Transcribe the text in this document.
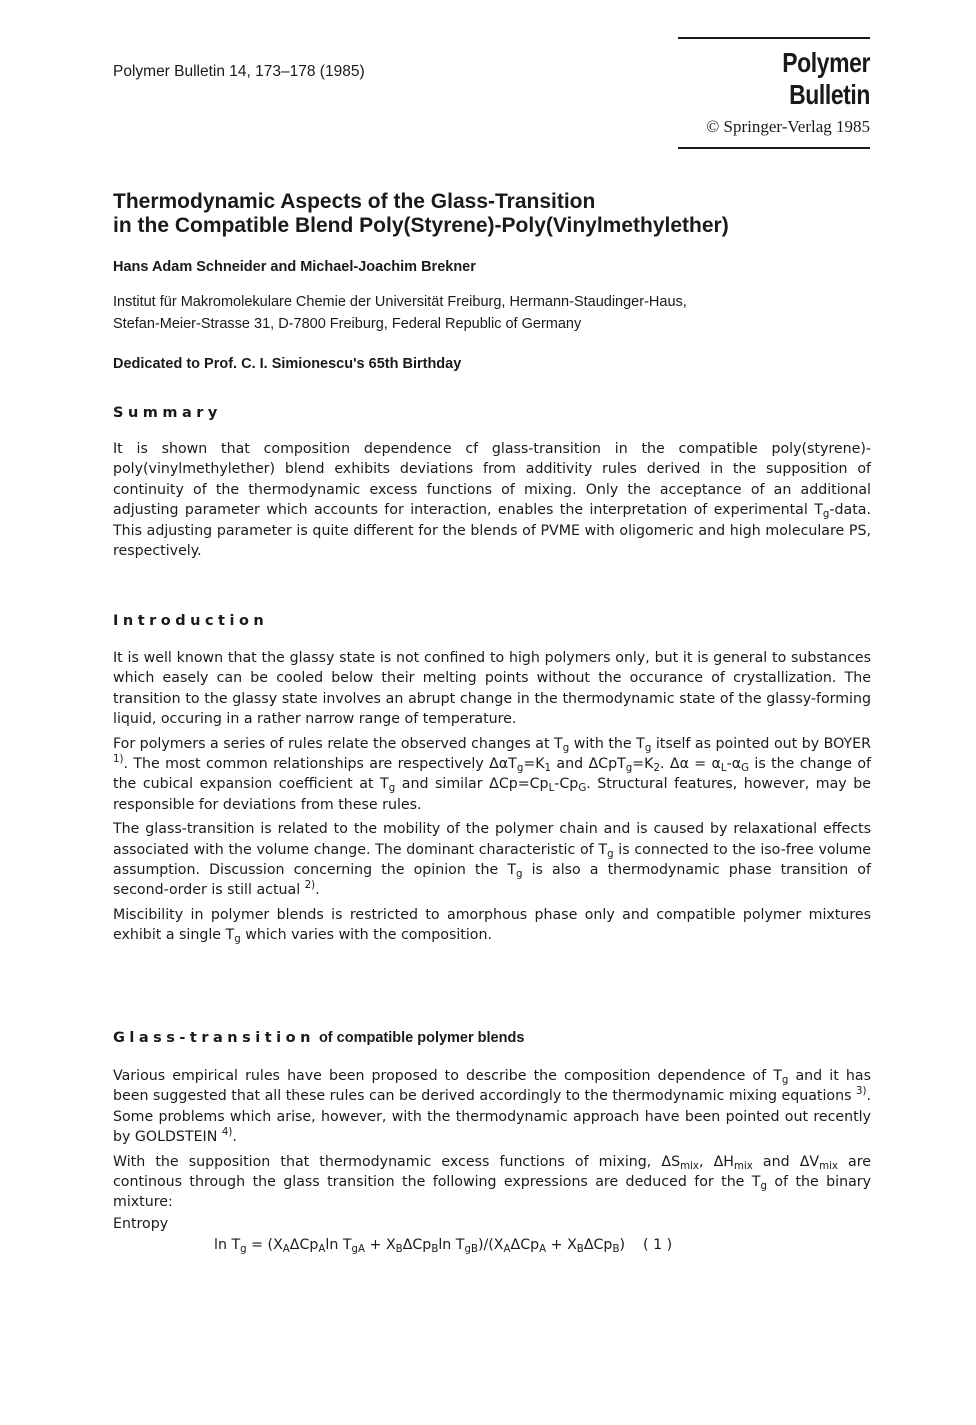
Polymer Bulletin 14, 173–178 (1985)	Polymer Bulletin
© Springer-Verlag 1985
Thermodynamic Aspects of the Glass-Transition
in the Compatible Blend Poly(Styrene)-Poly(Vinylmethylether)
Hans Adam Schneider and Michael-Joachim Brekner
Institut für Makromolekulare Chemie der Universität Freiburg, Hermann-Staudinger-Haus,
Stefan-Meier-Strasse 31, D-7800 Freiburg, Federal Republic of Germany
Dedicated to Prof. C. I. Simionescu's 65th Birthday
Summary

It is shown that composition dependence cf glass-transition in the compatible poly(styrene)-poly(vinylmethylether) blend exhibits deviations from additivity rules derived in the supposition of continuity of the thermodynamic excess functions of mixing. Only the acceptance of an additional adjusting parameter which accounts for interaction, enables the interpretation of experimental $T_g$-data. This adjusting parameter is quite different for the blends of PVME with oligomeric and high moleculare PS, respectively.

Introduction

It is well known that the glassy state is not confined to high polymers only, but it is general to substances which easely can be cooled below their melting points without the occurance of crystallization. The transition to the glassy state involves an abrupt change in the thermodynamic state of the glassy-forming liquid, occuring in a rather narrow range of temperature.

For polymers a series of rules relate the observed changes at $T_g$ with the $T_g$ itself as pointed out by BOYER $^{1)}$. The most common relationships are respectively $\Delta\alpha T_g=K_1$ and $\Delta CpT_g=K_2$. $\Delta\alpha = \alpha_L-\alpha_G$ is the change of the cubical expansion coefficient at $T_g$ and similar $\Delta Cp=Cp_L-Cp_G$. Structural features, however, may be responsible for deviations from these rules.

The glass-transition is related to the mobility of the polymer chain and is caused by relaxational effects associated with the volume change. The dominant characteristic of $T_g$ is connected to the iso-free volume assumption. Discussion concerning the opinion the $T_g$ is also a thermodynamic phase transition of second-order is still actual $^{2)}$.

Miscibility in polymer blends is restricted to amorphous phase only and compatible polymer mixtures exhibit a single $T_g$ which varies with the composition.

Glass-transition of compatible polymer blends

Various empirical rules have been proposed to describe the composition dependence of $T_g$ and it has been suggested that all these rules can be derived accordingly to the thermodynamic mixing equations $^{3)}$. Some problems which arise, however, with the thermodynamic approach have been pointed out recently by GOLDSTEIN $^{4)}$.

With the supposition that thermodynamic excess functions of mixing, $\Delta S_{mix}$, $\Delta H_{mix}$ and $\Delta V_{mix}$ are continous through the glass transition the following expressions are deduced for the $T_g$ of the binary mixture:

Entropy
$\ln T_g = (X_A\Delta Cp_A\ln$ $T_{gA} + X_B\Delta Cp_B\ln$ $T_{gB})/(X_A\Delta Cp_A + X_B\Delta Cp_B)$ ( 1 )
